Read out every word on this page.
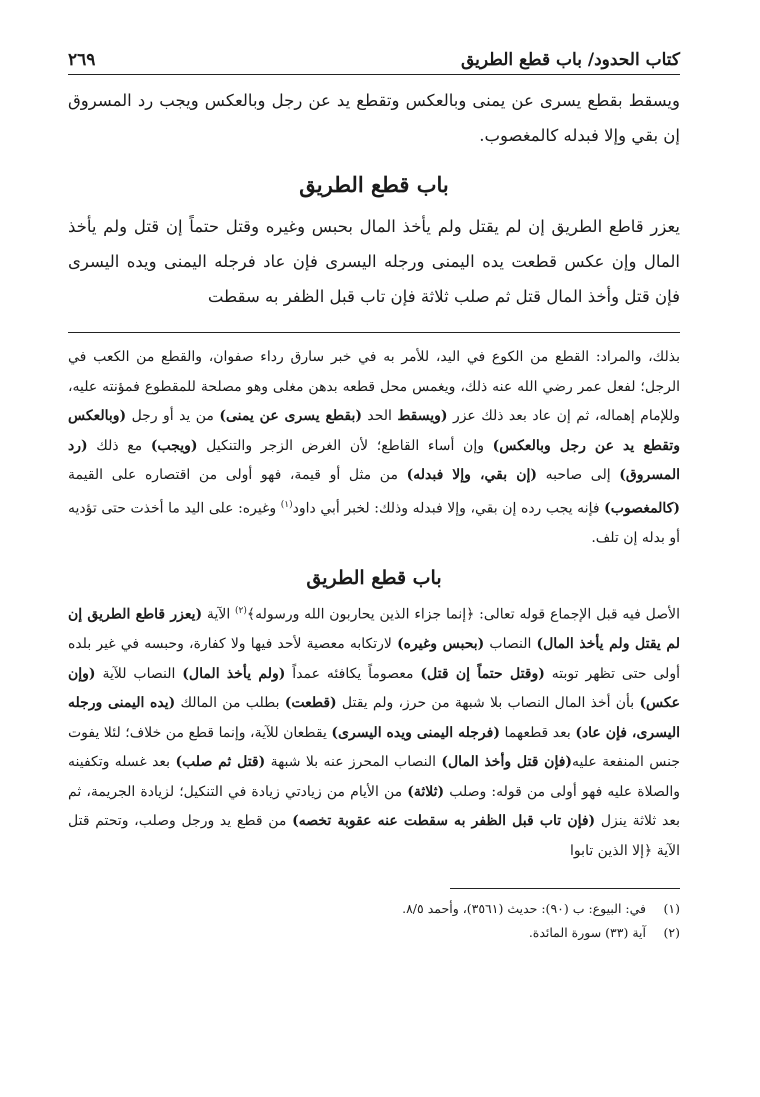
كتاب الحدود/ باب قطع الطريق
٢٦٩

ويسقط بقطع يسرى عن يمنى وبالعكس وتقطع يد عن رجل وبالعكس ويجب رد المسروق إن بقي وإلا فبدله كالمغصوب.

باب قطع الطريق

يعزر قاطع الطريق إن لم يقتل ولم يأخذ المال بحبس وغيره وقتل حتماً إن قتل ولم يأخذ المال وإن عكس قطعت يده اليمنى ورجله اليسرى فإن عاد فرجله اليمنى ويده اليسرى فإن قتل وأخذ المال قتل ثم صلب ثلاثة فإن تاب قبل الظفر به سقطت

بذلك، والمراد: القطع من الكوع في اليد، للأمر به في خبر سارق رداء صفوان، والقطع من الكعب في الرجل؛ لفعل عمر رضي الله عنه ذلك، ويغمس محل قطعه بدهن مغلى وهو مصلحة للمقطوع فمؤنته عليه، وللإمام إهماله، ثم إن عاد بعد ذلك عزر (ويسقط الحد (بقطع يسرى عن يمنى) من يد أو رجل (وبالعكس وتقطع يد عن رجل وبالعكس) وإن أساء القاطع؛ لأن الغرض الزجر والتنكيل (ويجب) مع ذلك (رد المسروق) إلى صاحبه (إن بقي، وإلا فبدله) من مثل أو قيمة، فهو أولى من اقتصاره على القيمة (كالمغصوب) فإنه يجب رده إن بقي، وإلا فبدله وذلك: لخبر أبي داود$^{(١)}$ وغيره: على اليد ما أخذت حتى تؤديه أو بدله إن تلف.

باب قطع الطريق

الأصل فيه قبل الإجماع قوله تعالى: ﴿إنما جزاء الذين يحاربون الله ورسوله﴾$^{(٢)}$ الآية (يعزر قاطع الطريق إن لم يقتل ولم يأخذ المال) النصاب (بحبس وغيره) لارتكابه معصية لأحد فيها ولا كفارة، وحبسه في غير بلده أولى حتى تظهر توبته (وقتل حتماً إن قتل) معصوماً يكافئه عمداً (ولم يأخذ المال) النصاب للآية (وإن عكس) بأن أخذ المال النصاب بلا شبهة من حرز، ولم يقتل (قطعت) بطلب من المالك (يده اليمنى ورجله اليسرى، فإن عاد) بعد قطعهما (فرجله اليمنى ويده اليسرى) يقطعان للآية، وإنما قطع من خلاف؛ لئلا يفوت جنس المنفعة عليه(فإن قتل وأخذ المال) النصاب المحرز عنه بلا شبهة (قتل ثم صلب) بعد غسله وتكفينه والصلاة عليه فهو أولى من قوله: وصلب (ثلاثة) من الأيام من زيادتي زيادة في التنكيل؛ لزيادة الجريمة، ثم بعد ثلاثة ينزل (فإن تاب قبل الظفر به سقطت عنه عقوبة تخصه) من قطع يد ورجل وصلب، وتحتم قتل الآية ﴿إلا الذين تابوا

(١)
في: البيوع: ب (٩٠): حديث (٣٥٦١)، وأحمد ٨/٥.
(٢)
آية (٣٣) سورة المائدة.
